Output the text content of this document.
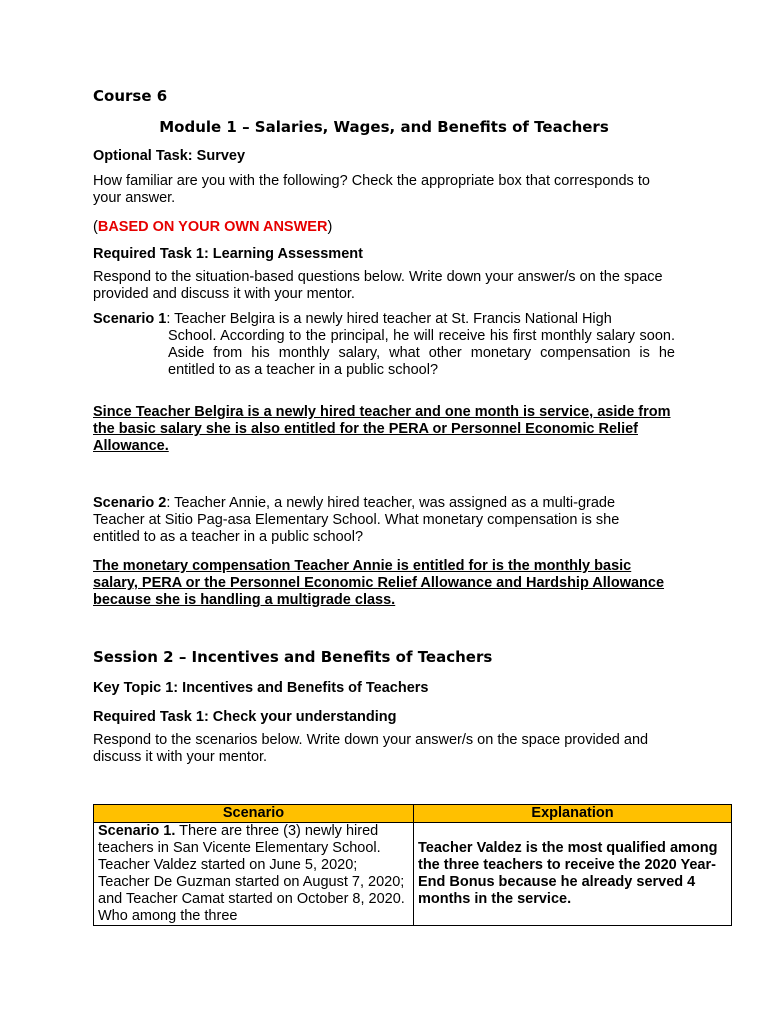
Course 6

Module 1 – Salaries, Wages, and Benefits of Teachers

Optional Task: Survey

How familiar are you with the following? Check the appropriate box that corresponds to your answer.

(BASED ON YOUR OWN ANSWER)

Required Task 1: Learning Assessment

Respond to the situation-based questions below. Write down your answer/s on the space provided and discuss it with your mentor.

Scenario 1: Teacher Belgira is a newly hired teacher at St. Francis National High

School. According to the principal, he will receive his first monthly salary soon. Aside from his monthly salary, what other monetary compensation is he entitled to as a teacher in a public school?

Since Teacher Belgira is a newly hired teacher and one month is service, aside from the basic salary she is also entitled for the PERA or Personnel Economic Relief Allowance.

Scenario 2: Teacher Annie, a newly hired teacher, was assigned as a multi-grade Teacher at Sitio Pag-asa Elementary School. What monetary compensation is she entitled to as a teacher in a public school?

The monetary compensation Teacher Annie is entitled for is the monthly basic salary, PERA or the Personnel Economic Relief Allowance and Hardship Allowance because she is handling a multigrade class.

Session 2 – Incentives and Benefits of Teachers

Key Topic 1: Incentives and Benefits of Teachers

Required Task 1: Check your understanding

Respond to the scenarios below. Write down your answer/s on the space provided and discuss it with your mentor.

Scenario	Explanation
Scenario 1. There are three (3) newly hired teachers in San Vicente Elementary School. Teacher Valdez started on June 5, 2020; Teacher De Guzman started on August 7, 2020; and Teacher Camat started on October 8, 2020. Who among the three	Teacher Valdez is the most qualified among the three teachers to receive the 2020 Year-End Bonus because he already served 4 months in the service.
